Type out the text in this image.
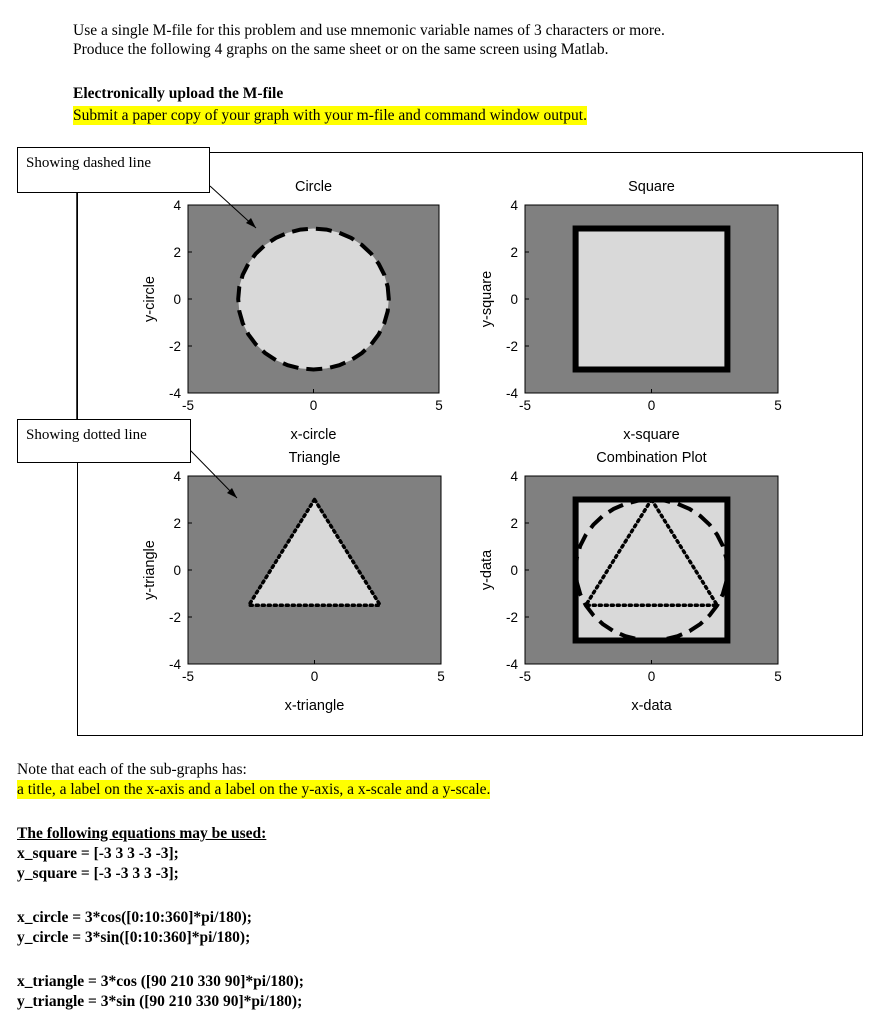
Use a single M-file for this problem and use mnemonic variable names of 3 characters or more.
Produce the following 4 graphs on the same sheet or on the same screen using Matlab.
Electronically upload the M-file
Submit a paper copy of your graph with your m-file and command window output.
Circle
x-circle
y-circle
-5	0	5
-4
-2
0
2
4
Square
x-square
y-square
-5	0	5
-4
-2
0
2
4
Triangle
x-triangle
y-triangle
-5	0	5
-4
-2
0
2
4
Combination Plot
x-data
y-data
-5	0	5
-4
-2
0
2
4
Showing dashed line
Showing dotted line
Note that each of the sub-graphs has:
a title, a label on the x-axis and a label on the y-axis, a x-scale and a y-scale.
The following equations may be used:
x_square = [-3 3 3 -3 -3];
y_square = [-3 -3 3 3 -3];
x_circle = 3*cos([0:10:360]*pi/180);
y_circle = 3*sin([0:10:360]*pi/180);
x_triangle = 3*cos ([90 210 330 90]*pi/180);
y_triangle = 3*sin ([90 210 330 90]*pi/180);
